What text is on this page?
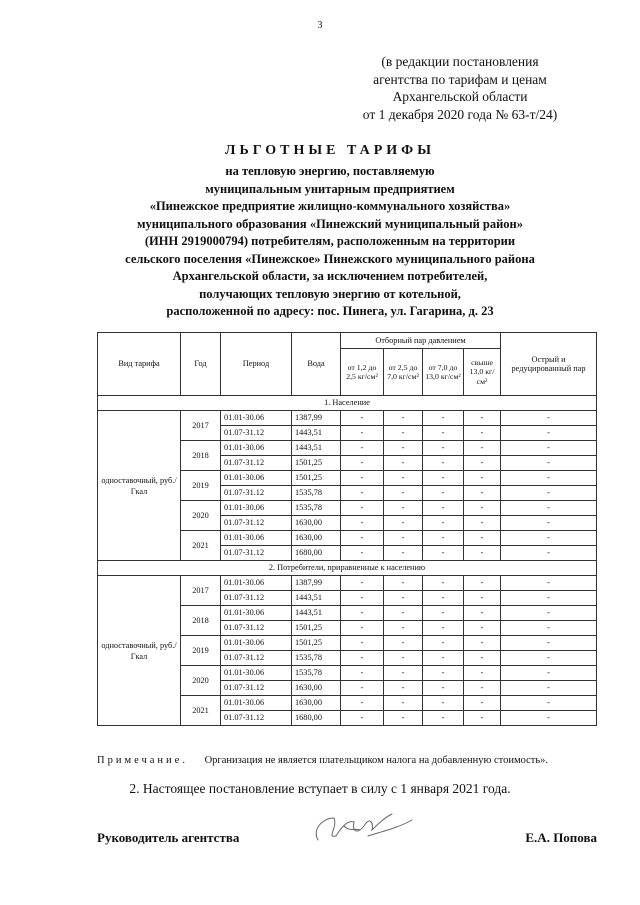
3
(в редакции постановления
агентства по тарифам и ценам
Архангельской области
от 1 декабря 2020 года № 63-т/24)
ЛЬГОТНЫЕ ТАРИФЫ
на тепловую энергию, поставляемую
муниципальным унитарным предприятием
«Пинежское предприятие жилищно-коммунального хозяйства»
муниципального образования «Пинежский муниципальный район»
(ИНН 2919000794) потребителям, расположенным на территории
сельского поселения «Пинежское» Пинежского муниципального района
Архангельской области, за исключением потребителей,
получающих тепловую энергию от котельной,
расположенной по адресу: пос. Пинега, ул. Гагарина, д. 23
Вид тарифа	Год	Период	Вода	Отборный пар давлением				Острый и редуцированный пар
				от 1,2 до 2,5 кг/см²	от 2,5 до 7,0 кг/см²	от 7,0 до 13,0 кг/см²	свыше 13,0 кг/см²	
1. Население								
одноставочный, руб./Гкал	2017	01.01-30.06	1387,99	-	-	-	-	-
		01.07-31.12	1443,51	-	-	-	-	-
	2018	01.01-30.06	1443,51	-	-	-	-	-
		01.07-31.12	1501,25	-	-	-	-	-
	2019	01.01-30.06	1501,25	-	-	-	-	-
		01.07-31.12	1535,78	-	-	-	-	-
	2020	01.01-30.06	1535,78	-	-	-	-	-
		01.07-31.12	1630,00	-	-	-	-	-
	2021	01.01-30.06	1630,00	-	-	-	-	-
		01.07-31.12	1680,00	-	-	-	-	-
2. Потребители, приравненные к населению								
одноставочный, руб./Гкал	2017	01.01-30.06	1387,99	-	-	-	-	-
		01.07-31.12	1443,51	-	-	-	-	-
	2018	01.01-30.06	1443,51	-	-	-	-	-
		01.07-31.12	1501,25	-	-	-	-	-
	2019	01.01-30.06	1501,25	-	-	-	-	-
		01.07-31.12	1535,78	-	-	-	-	-
	2020	01.01-30.06	1535,78	-	-	-	-	-
		01.07-31.12	1630,00	-	-	-	-	-
	2021	01.01-30.06	1630,00	-	-	-	-	-
		01.07-31.12	1680,00	-	-	-	-	-
Примечание. Организация не является плательщиком налога на добавленную стоимость».
2. Настоящее постановление вступает в силу с 1 января 2021 года.
Руководитель агентства	Е.А. Попова
